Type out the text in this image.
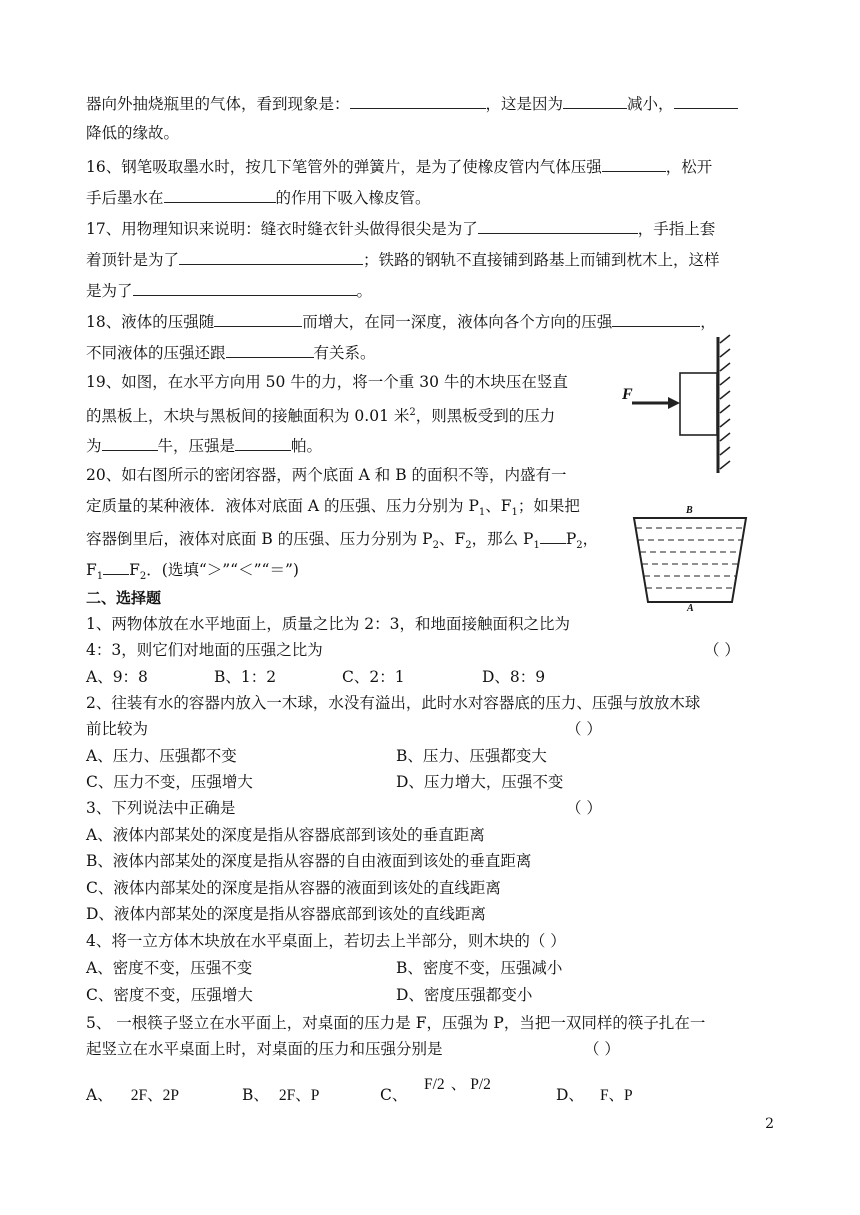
器向外抽烧瓶里的气体，看到现象是：	，这是因为	减小，
降低的缘故。
16、钢笔吸取墨水时，按几下笔管外的弹簧片，是为了使橡皮管内气体压强	，松开
手后墨水在	的作用下吸入橡皮管。
17、用物理知识来说明：缝衣时缝衣针头做得很尖是为了	，手指上套
着顶针是为了	；铁路的钢轨不直接铺到路基上而铺到枕木上，这样
是为了	。
18、液体的压强随	而增大，在同一深度，液体向各个方向的压强	，
不同液体的压强还跟	有关系。
19、如图，在水平方向用 50 牛的力，将一个重 30 牛的木块压在竖直
的黑板上，木块与黑板间的接触面积为 0.01 米$^2$，则黑板受到的压力
为	牛，压强是	帕。
F
20、如右图所示的密闭容器，两个底面 A 和 B 的面积不等，内盛有一
定质量的某种液体．液体对底面 A 的压强、压力分别为 $P_1$、$F_1$；如果把
容器倒里后，液体对底面 B 的压强、压力分别为 $P_2$、$F_2$，那么 $P_1$ $P_2$，
$F_1$ $F_2$．(选填“＞”“＜”“＝”)
B
A
二、选择题
1、两物体放在水平地面上，质量之比为 2：3，和地面接触面积之比为
4：3，则它们对地面的压强之比为	（ ）
A、9：8	B、1：2	C、2：1	D、8：9
2、往装有水的容器内放入一木球，水没有溢出，此时水对容器底的压力、压强与放放木球
前比较为	（ ）
A、压力、压强都不变	B、压力、压强都变大
C、压力不变，压强增大	D、压力增大，压强不变
3、下列说法中正确是	（ ）
A、液体内部某处的深度是指从容器底部到该处的垂直距离
B、液体内部某处的深度是指从容器的自由液面到该处的垂直距离
C、液体内部某处的深度是指从容器的液面到该处的直线距离
D、液体内部某处的深度是指从容器底部到该处的直线距离
4、将一立方体木块放在水平桌面上，若切去上半部分，则木块的（ ）
A、密度不变，压强不变	B、密度不变，压强减小
C、密度不变，压强增大	D、密度压强都变小
5、 一根筷子竖立在水平面上，对桌面的压力是 F，压强为 P，当把一双同样的筷子扎在一
起竖立在水平桌面上时，对桌面的压力和压强分别是	（ ）
A、 2F、2P	B、 2F、P	C、
F/2 、 P/2
D、 F、P
2
